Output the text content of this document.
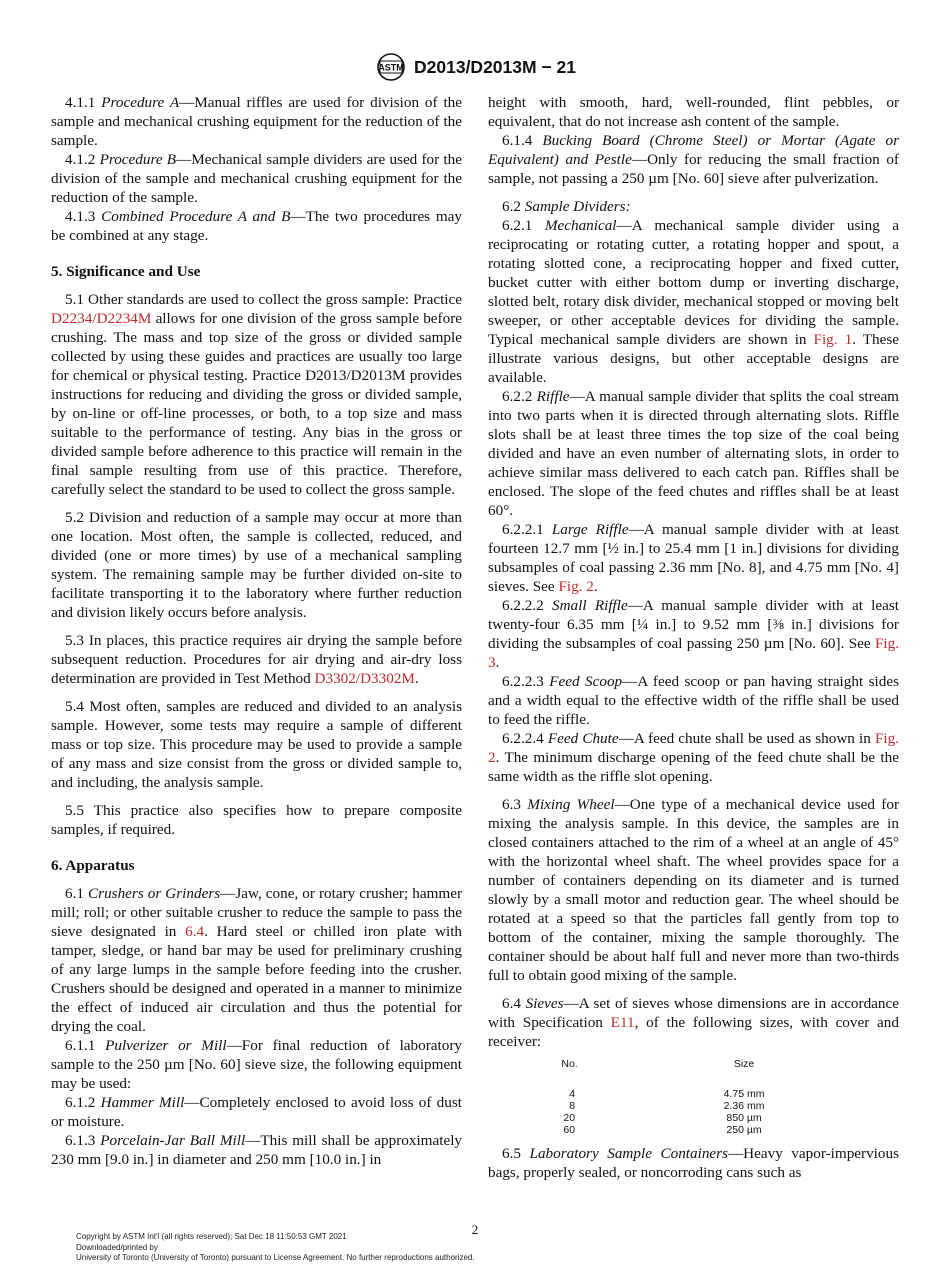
ASTM D2013/D2013M − 21

4.1.1 Procedure A—Manual riffles are used for division of the sample and mechanical crushing equipment for the reduction of the sample.

4.1.2 Procedure B—Mechanical sample dividers are used for the division of the sample and mechanical crushing equipment for the reduction of the sample.

4.1.3 Combined Procedure A and B—The two procedures may be combined at any stage.

5. Significance and Use

5.1 Other standards are used to collect the gross sample: Practice D2234/D2234M allows for one division of the gross sample before crushing. The mass and top size of the gross or divided sample collected by using these guides and practices are usually too large for chemical or physical testing. Practice D2013/D2013M provides instructions for reducing and dividing the gross or divided sample, by on-line or off-line processes, or both, to a top size and mass suitable to the performance of testing. Any bias in the gross or divided sample before adherence to this practice will remain in the final sample resulting from use of this practice. Therefore, carefully select the standard to be used to collect the gross sample.

5.2 Division and reduction of a sample may occur at more than one location. Most often, the sample is collected, reduced, and divided (one or more times) by use of a mechanical sampling system. The remaining sample may be further divided on-site to facilitate transporting it to the laboratory where further reduction and division likely occurs before analysis.

5.3 In places, this practice requires air drying the sample before subsequent reduction. Procedures for air drying and air-dry loss determination are provided in Test Method D3302/D3302M.

5.4 Most often, samples are reduced and divided to an analysis sample. However, some tests may require a sample of different mass or top size. This procedure may be used to provide a sample of any mass and size consist from the gross or divided sample to, and including, the analysis sample.

5.5 This practice also specifies how to prepare composite samples, if required.

6. Apparatus

6.1 Crushers or Grinders—Jaw, cone, or rotary crusher; hammer mill; roll; or other suitable crusher to reduce the sample to pass the sieve designated in 6.4. Hard steel or chilled iron plate with tamper, sledge, or hand bar may be used for preliminary crushing of any large lumps in the sample before feeding into the crusher. Crushers should be designed and operated in a manner to minimize the effect of induced air circulation and thus the potential for drying the coal.

6.1.1 Pulverizer or Mill—For final reduction of laboratory sample to the 250 µm [No. 60] sieve size, the following equipment may be used:

6.1.2 Hammer Mill—Completely enclosed to avoid loss of dust or moisture.

6.1.3 Porcelain-Jar Ball Mill—This mill shall be approximately 230 mm [9.0 in.] in diameter and 250 mm [10.0 in.] in

height with smooth, hard, well-rounded, flint pebbles, or equivalent, that do not increase ash content of the sample.

6.1.4 Bucking Board (Chrome Steel) or Mortar (Agate or Equivalent) and Pestle—Only for reducing the small fraction of sample, not passing a 250 µm [No. 60] sieve after pulverization.

6.2 Sample Dividers:

6.2.1 Mechanical—A mechanical sample divider using a reciprocating or rotating cutter, a rotating hopper and spout, a rotating slotted cone, a reciprocating hopper and fixed cutter, bucket cutter with either bottom dump or inverting discharge, slotted belt, rotary disk divider, mechanical stopped or moving belt sweeper, or other acceptable devices for dividing the sample. Typical mechanical sample dividers are shown in Fig. 1. These illustrate various designs, but other acceptable designs are available.

6.2.2 Riffle—A manual sample divider that splits the coal stream into two parts when it is directed through alternating slots. Riffle slots shall be at least three times the top size of the coal being divided and have an even number of alternating slots, in order to achieve similar mass delivered to each catch pan. Riffles shall be enclosed. The slope of the feed chutes and riffles shall be at least 60°.

6.2.2.1 Large Riffle—A manual sample divider with at least fourteen 12.7 mm [½ in.] to 25.4 mm [1 in.] divisions for dividing subsamples of coal passing 2.36 mm [No. 8], and 4.75 mm [No. 4] sieves. See Fig. 2.

6.2.2.2 Small Riffle—A manual sample divider with at least twenty-four 6.35 mm [¼ in.] to 9.52 mm [⅜ in.] divisions for dividing the subsamples of coal passing 250 µm [No. 60]. See Fig. 3.

6.2.2.3 Feed Scoop—A feed scoop or pan having straight sides and a width equal to the effective width of the riffle shall be used to feed the riffle.

6.2.2.4 Feed Chute—A feed chute shall be used as shown in Fig. 2. The minimum discharge opening of the feed chute shall be the same width as the riffle slot opening.

6.3 Mixing Wheel—One type of a mechanical device used for mixing the analysis sample. In this device, the samples are in closed containers attached to the rim of a wheel at an angle of 45° with the horizontal wheel shaft. The wheel provides space for a number of containers depending on its diameter and is turned slowly by a small motor and reduction gear. The wheel should be rotated at a speed so that the particles fall gently from top to bottom of the container, mixing the sample thoroughly. The container should be about half full and never more than two-thirds full to obtain good mixing of the sample.

6.4 Sieves—A set of sieves whose dimensions are in accordance with Specification E11, of the following sizes, with cover and receiver:

No.	Size
4	4.75 mm
8	2.36 mm
20	850 µm
60	250 µm

6.5 Laboratory Sample Containers—Heavy vapor-impervious bags, properly sealed, or noncorroding cans such as

2
Copyright by ASTM Int'l (all rights reserved); Sat Dec 18 11:50:53 GMT 2021
Downloaded/printed by
University of Toronto (University of Toronto) pursuant to License Agreement. No further reproductions authorized.
